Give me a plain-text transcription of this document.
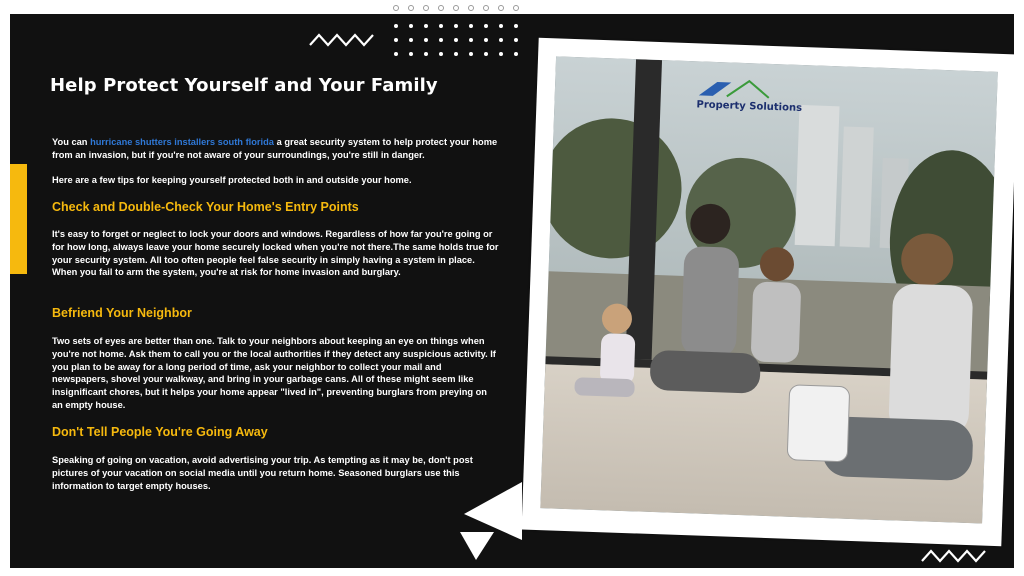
Help Protect Yourself and Your Family

You can hurricane shutters installers south florida a great security system to help protect your home from an invasion, but if you're not aware of your surroundings, you're still in danger.

Here are a few tips for keeping yourself protected both in and outside your home.

Check and Double-Check Your Home's Entry Points

It's easy to forget or neglect to lock your doors and windows. Regardless of how far you're going or for how long, always leave your home securely locked when you're not there.The same holds true for your security system. All too often people feel false security in simply having a system in place. When you fail to arm the system, you're at risk for home invasion and burglary.

Befriend Your Neighbor

Two sets of eyes are better than one. Talk to your neighbors about keeping an eye on things when you're not home. Ask them to call you or the local authorities if they detect any suspicious activity. If you plan to be away for a long period of time, ask your neighbor to collect your mail and newspapers, shovel your walkway, and bring in your garbage cans. All of these might seem like insignificant chores, but it helps your home appear "lived in", preventing burglars from preying on an empty house.

Don't Tell People You're Going Away

Speaking of going on vacation, avoid advertising your trip. As tempting as it may be, don't post pictures of your vacation on social media until you return home. Seasoned burglars use this information to target empty houses.

Property Solutions
